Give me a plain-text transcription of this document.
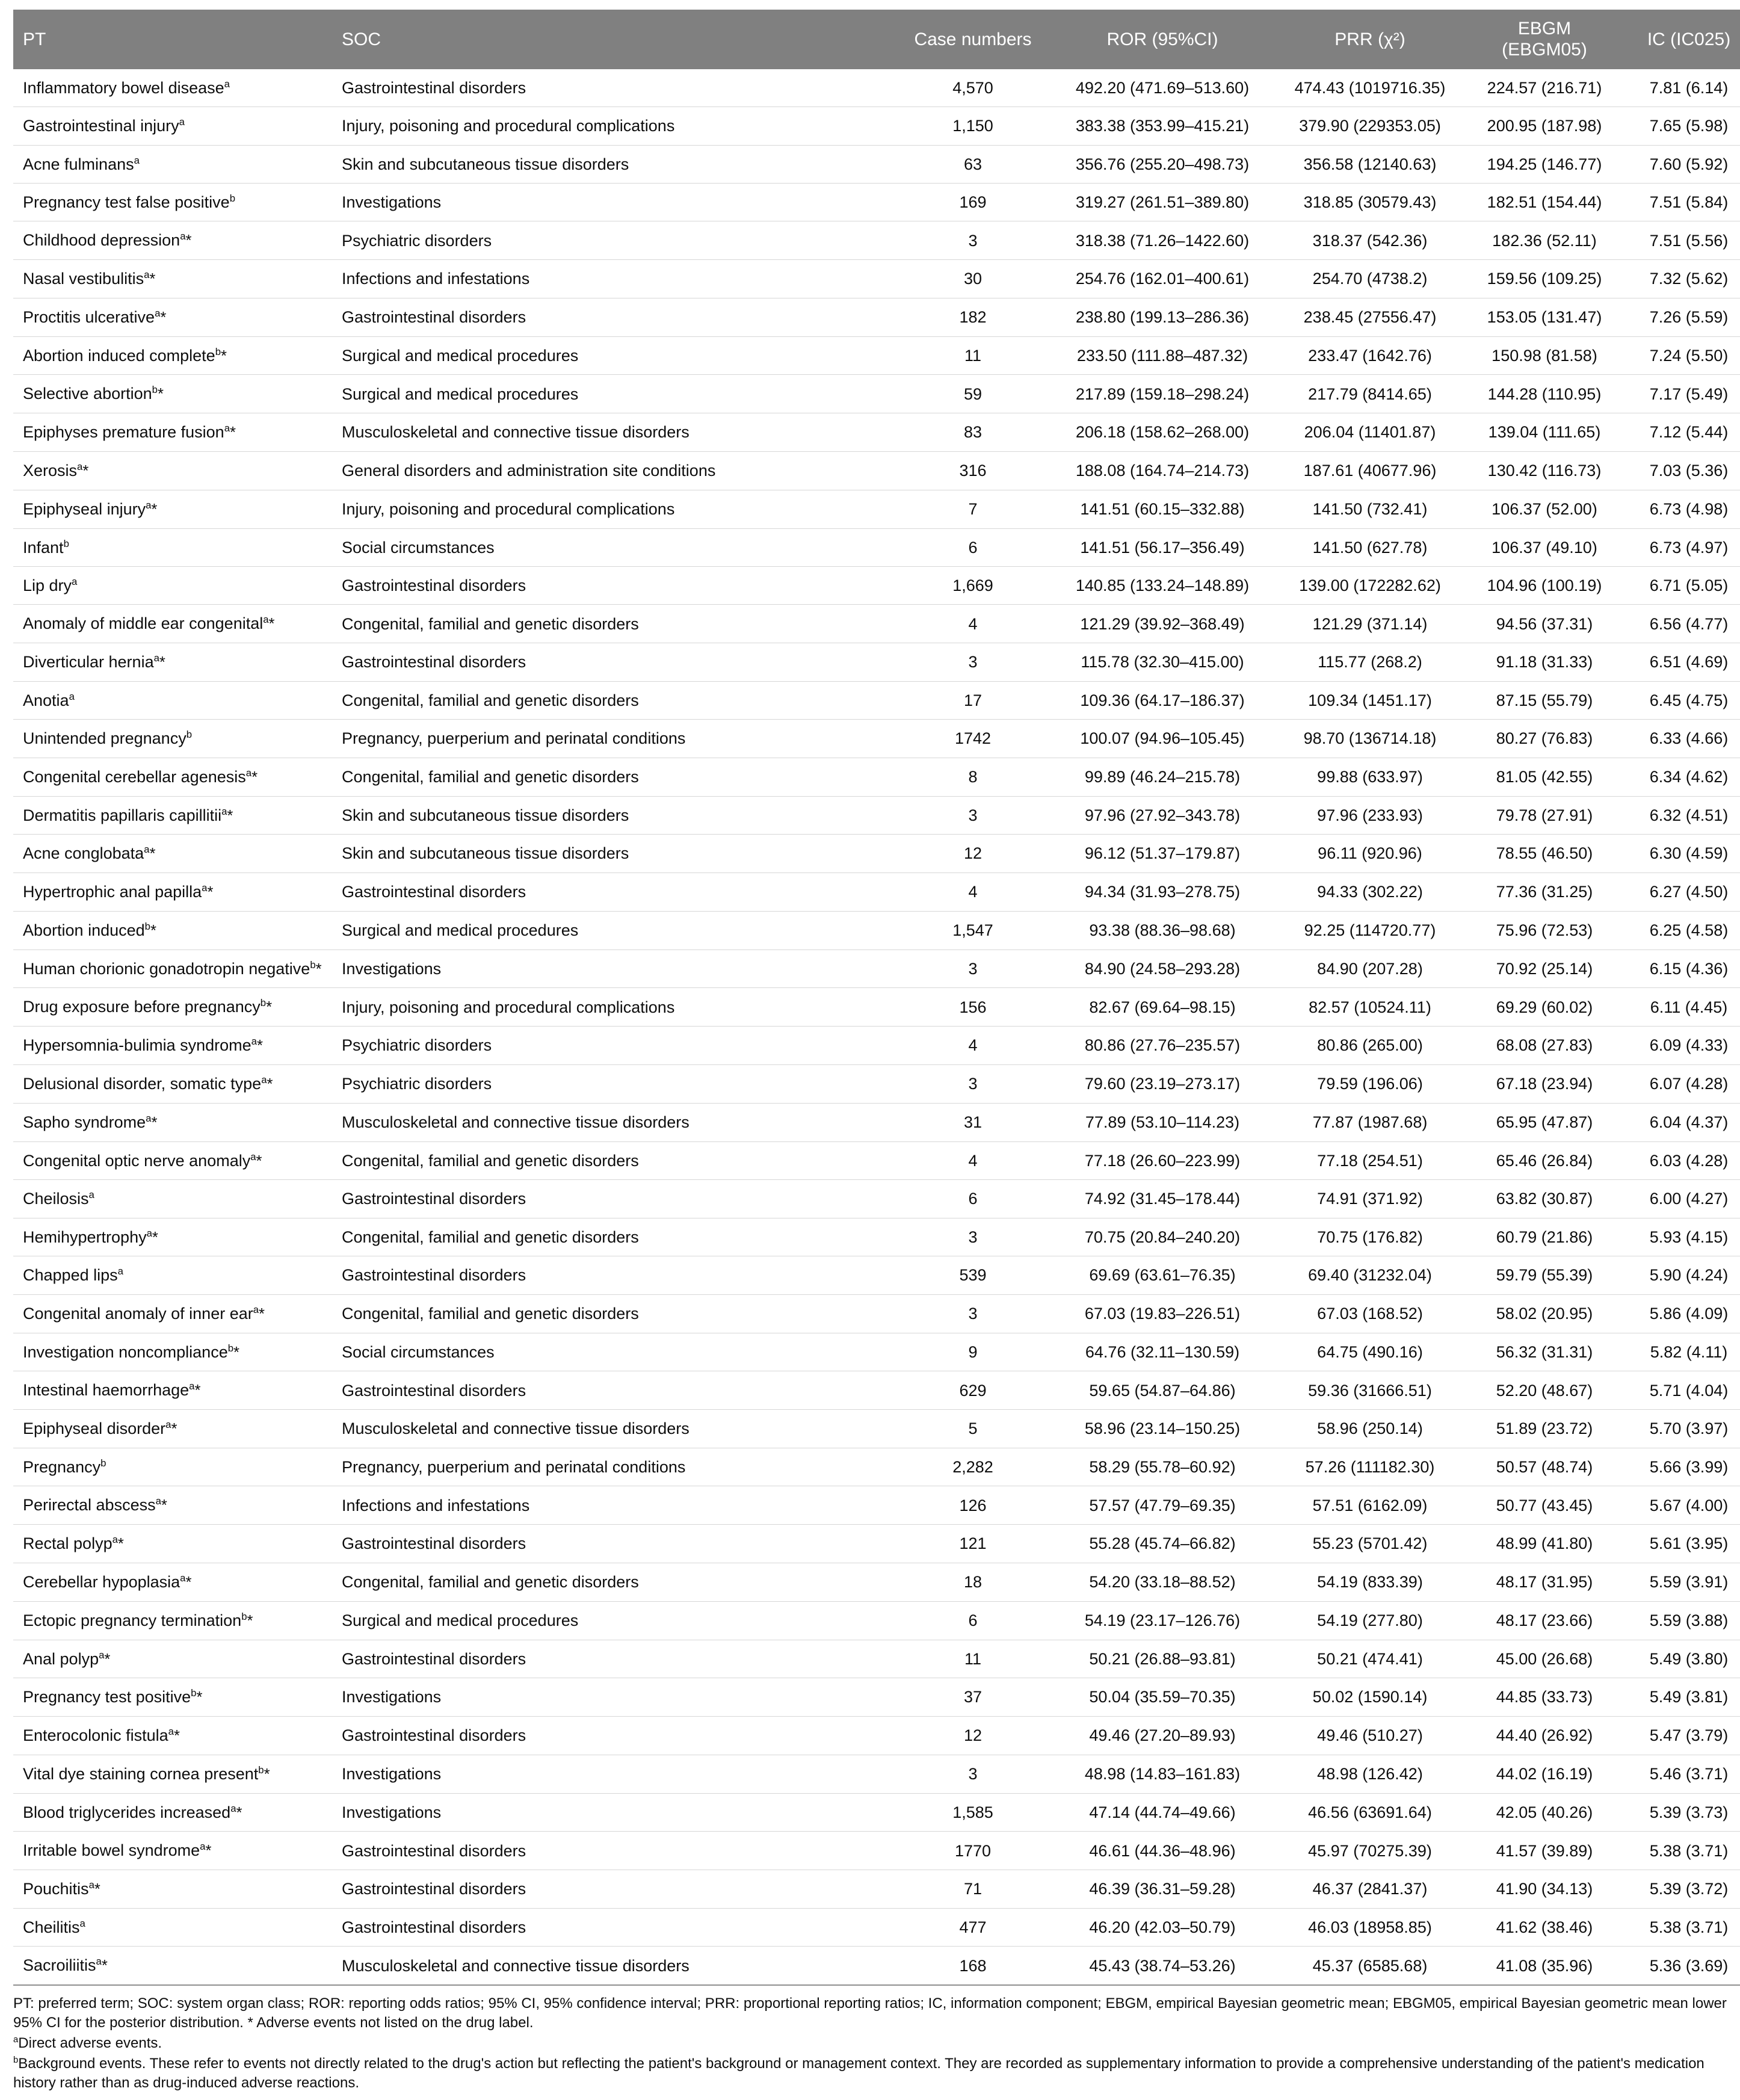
PT	SOC	Case numbers	ROR (95%CI)	PRR (χ²)	EBGM (EBGM05)	IC (IC025)
Inflammatory bowel disease$^a$	Gastrointestinal disorders	4,570	492.20 (471.69–513.60)	474.43 (1019716.35)	224.57 (216.71)	7.81 (6.14)
Gastrointestinal injury$^a$	Injury, poisoning and procedural complications	1,150	383.38 (353.99–415.21)	379.90 (229353.05)	200.95 (187.98)	7.65 (5.98)
Acne fulminans$^a$	Skin and subcutaneous tissue disorders	63	356.76 (255.20–498.73)	356.58 (12140.63)	194.25 (146.77)	7.60 (5.92)
Pregnancy test false positive$^b$	Investigations	169	319.27 (261.51–389.80)	318.85 (30579.43)	182.51 (154.44)	7.51 (5.84)
Childhood depression$^a$*	Psychiatric disorders	3	318.38 (71.26–1422.60)	318.37 (542.36)	182.36 (52.11)	7.51 (5.56)
Nasal vestibulitis$^a$*	Infections and infestations	30	254.76 (162.01–400.61)	254.70 (4738.2)	159.56 (109.25)	7.32 (5.62)
Proctitis ulcerative$^a$*	Gastrointestinal disorders	182	238.80 (199.13–286.36)	238.45 (27556.47)	153.05 (131.47)	7.26 (5.59)
Abortion induced complete$^b$*	Surgical and medical procedures	11	233.50 (111.88–487.32)	233.47 (1642.76)	150.98 (81.58)	7.24 (5.50)
Selective abortion$^b$*	Surgical and medical procedures	59	217.89 (159.18–298.24)	217.79 (8414.65)	144.28 (110.95)	7.17 (5.49)
Epiphyses premature fusion$^a$*	Musculoskeletal and connective tissue disorders	83	206.18 (158.62–268.00)	206.04 (11401.87)	139.04 (111.65)	7.12 (5.44)
Xerosis$^a$*	General disorders and administration site conditions	316	188.08 (164.74–214.73)	187.61 (40677.96)	130.42 (116.73)	7.03 (5.36)
Epiphyseal injury$^a$*	Injury, poisoning and procedural complications	7	141.51 (60.15–332.88)	141.50 (732.41)	106.37 (52.00)	6.73 (4.98)
Infant$^b$	Social circumstances	6	141.51 (56.17–356.49)	141.50 (627.78)	106.37 (49.10)	6.73 (4.97)
Lip dry$^a$	Gastrointestinal disorders	1,669	140.85 (133.24–148.89)	139.00 (172282.62)	104.96 (100.19)	6.71 (5.05)
Anomaly of middle ear congenital$^a$*	Congenital, familial and genetic disorders	4	121.29 (39.92–368.49)	121.29 (371.14)	94.56 (37.31)	6.56 (4.77)
Diverticular hernia$^a$*	Gastrointestinal disorders	3	115.78 (32.30–415.00)	115.77 (268.2)	91.18 (31.33)	6.51 (4.69)
Anotia$^a$	Congenital, familial and genetic disorders	17	109.36 (64.17–186.37)	109.34 (1451.17)	87.15 (55.79)	6.45 (4.75)
Unintended pregnancy$^b$	Pregnancy, puerperium and perinatal conditions	1742	100.07 (94.96–105.45)	98.70 (136714.18)	80.27 (76.83)	6.33 (4.66)
Congenital cerebellar agenesis$^a$*	Congenital, familial and genetic disorders	8	99.89 (46.24–215.78)	99.88 (633.97)	81.05 (42.55)	6.34 (4.62)
Dermatitis papillaris capillitii$^a$*	Skin and subcutaneous tissue disorders	3	97.96 (27.92–343.78)	97.96 (233.93)	79.78 (27.91)	6.32 (4.51)
Acne conglobata$^a$*	Skin and subcutaneous tissue disorders	12	96.12 (51.37–179.87)	96.11 (920.96)	78.55 (46.50)	6.30 (4.59)
Hypertrophic anal papilla$^a$*	Gastrointestinal disorders	4	94.34 (31.93–278.75)	94.33 (302.22)	77.36 (31.25)	6.27 (4.50)
Abortion induced$^b$*	Surgical and medical procedures	1,547	93.38 (88.36–98.68)	92.25 (114720.77)	75.96 (72.53)	6.25 (4.58)
Human chorionic gonadotropin negative$^b$*	Investigations	3	84.90 (24.58–293.28)	84.90 (207.28)	70.92 (25.14)	6.15 (4.36)
Drug exposure before pregnancy$^b$*	Injury, poisoning and procedural complications	156	82.67 (69.64–98.15)	82.57 (10524.11)	69.29 (60.02)	6.11 (4.45)
Hypersomnia-bulimia syndrome$^a$*	Psychiatric disorders	4	80.86 (27.76–235.57)	80.86 (265.00)	68.08 (27.83)	6.09 (4.33)
Delusional disorder, somatic type$^a$*	Psychiatric disorders	3	79.60 (23.19–273.17)	79.59 (196.06)	67.18 (23.94)	6.07 (4.28)
Sapho syndrome$^a$*	Musculoskeletal and connective tissue disorders	31	77.89 (53.10–114.23)	77.87 (1987.68)	65.95 (47.87)	6.04 (4.37)
Congenital optic nerve anomaly$^a$*	Congenital, familial and genetic disorders	4	77.18 (26.60–223.99)	77.18 (254.51)	65.46 (26.84)	6.03 (4.28)
Cheilosis$^a$	Gastrointestinal disorders	6	74.92 (31.45–178.44)	74.91 (371.92)	63.82 (30.87)	6.00 (4.27)
Hemihypertrophy$^a$*	Congenital, familial and genetic disorders	3	70.75 (20.84–240.20)	70.75 (176.82)	60.79 (21.86)	5.93 (4.15)
Chapped lips$^a$	Gastrointestinal disorders	539	69.69 (63.61–76.35)	69.40 (31232.04)	59.79 (55.39)	5.90 (4.24)
Congenital anomaly of inner ear$^a$*	Congenital, familial and genetic disorders	3	67.03 (19.83–226.51)	67.03 (168.52)	58.02 (20.95)	5.86 (4.09)
Investigation noncompliance$^b$*	Social circumstances	9	64.76 (32.11–130.59)	64.75 (490.16)	56.32 (31.31)	5.82 (4.11)
Intestinal haemorrhage$^a$*	Gastrointestinal disorders	629	59.65 (54.87–64.86)	59.36 (31666.51)	52.20 (48.67)	5.71 (4.04)
Epiphyseal disorder$^a$*	Musculoskeletal and connective tissue disorders	5	58.96 (23.14–150.25)	58.96 (250.14)	51.89 (23.72)	5.70 (3.97)
Pregnancy$^b$	Pregnancy, puerperium and perinatal conditions	2,282	58.29 (55.78–60.92)	57.26 (111182.30)	50.57 (48.74)	5.66 (3.99)
Perirectal abscess$^a$*	Infections and infestations	126	57.57 (47.79–69.35)	57.51 (6162.09)	50.77 (43.45)	5.67 (4.00)
Rectal polyp$^a$*	Gastrointestinal disorders	121	55.28 (45.74–66.82)	55.23 (5701.42)	48.99 (41.80)	5.61 (3.95)
Cerebellar hypoplasia$^a$*	Congenital, familial and genetic disorders	18	54.20 (33.18–88.52)	54.19 (833.39)	48.17 (31.95)	5.59 (3.91)
Ectopic pregnancy termination$^b$*	Surgical and medical procedures	6	54.19 (23.17–126.76)	54.19 (277.80)	48.17 (23.66)	5.59 (3.88)
Anal polyp$^a$*	Gastrointestinal disorders	11	50.21 (26.88–93.81)	50.21 (474.41)	45.00 (26.68)	5.49 (3.80)
Pregnancy test positive$^b$*	Investigations	37	50.04 (35.59–70.35)	50.02 (1590.14)	44.85 (33.73)	5.49 (3.81)
Enterocolonic fistula$^a$*	Gastrointestinal disorders	12	49.46 (27.20–89.93)	49.46 (510.27)	44.40 (26.92)	5.47 (3.79)
Vital dye staining cornea present$^b$*	Investigations	3	48.98 (14.83–161.83)	48.98 (126.42)	44.02 (16.19)	5.46 (3.71)
Blood triglycerides increased$^a$*	Investigations	1,585	47.14 (44.74–49.66)	46.56 (63691.64)	42.05 (40.26)	5.39 (3.73)
Irritable bowel syndrome$^a$*	Gastrointestinal disorders	1770	46.61 (44.36–48.96)	45.97 (70275.39)	41.57 (39.89)	5.38 (3.71)
Pouchitis$^a$*	Gastrointestinal disorders	71	46.39 (36.31–59.28)	46.37 (2841.37)	41.90 (34.13)	5.39 (3.72)
Cheilitis$^a$	Gastrointestinal disorders	477	46.20 (42.03–50.79)	46.03 (18958.85)	41.62 (38.46)	5.38 (3.71)
Sacroiliitis$^a$*	Musculoskeletal and connective tissue disorders	168	45.43 (38.74–53.26)	45.37 (6585.68)	41.08 (35.96)	5.36 (3.69)

PT: preferred term; SOC: system organ class; ROR: reporting odds ratios; 95% CI, 95% confidence interval; PRR: proportional reporting ratios; IC, information component; EBGM, empirical Bayesian geometric mean; EBGM05, empirical Bayesian geometric mean lower 95% CI for the posterior distribution. * Adverse events not listed on the drug label.

$^a$Direct adverse events.

$^b$Background events. These refer to events not directly related to the drug's action but reflecting the patient's background or management context. They are recorded as supplementary information to provide a comprehensive understanding of the patient's medication history rather than as drug-induced adverse reactions.
